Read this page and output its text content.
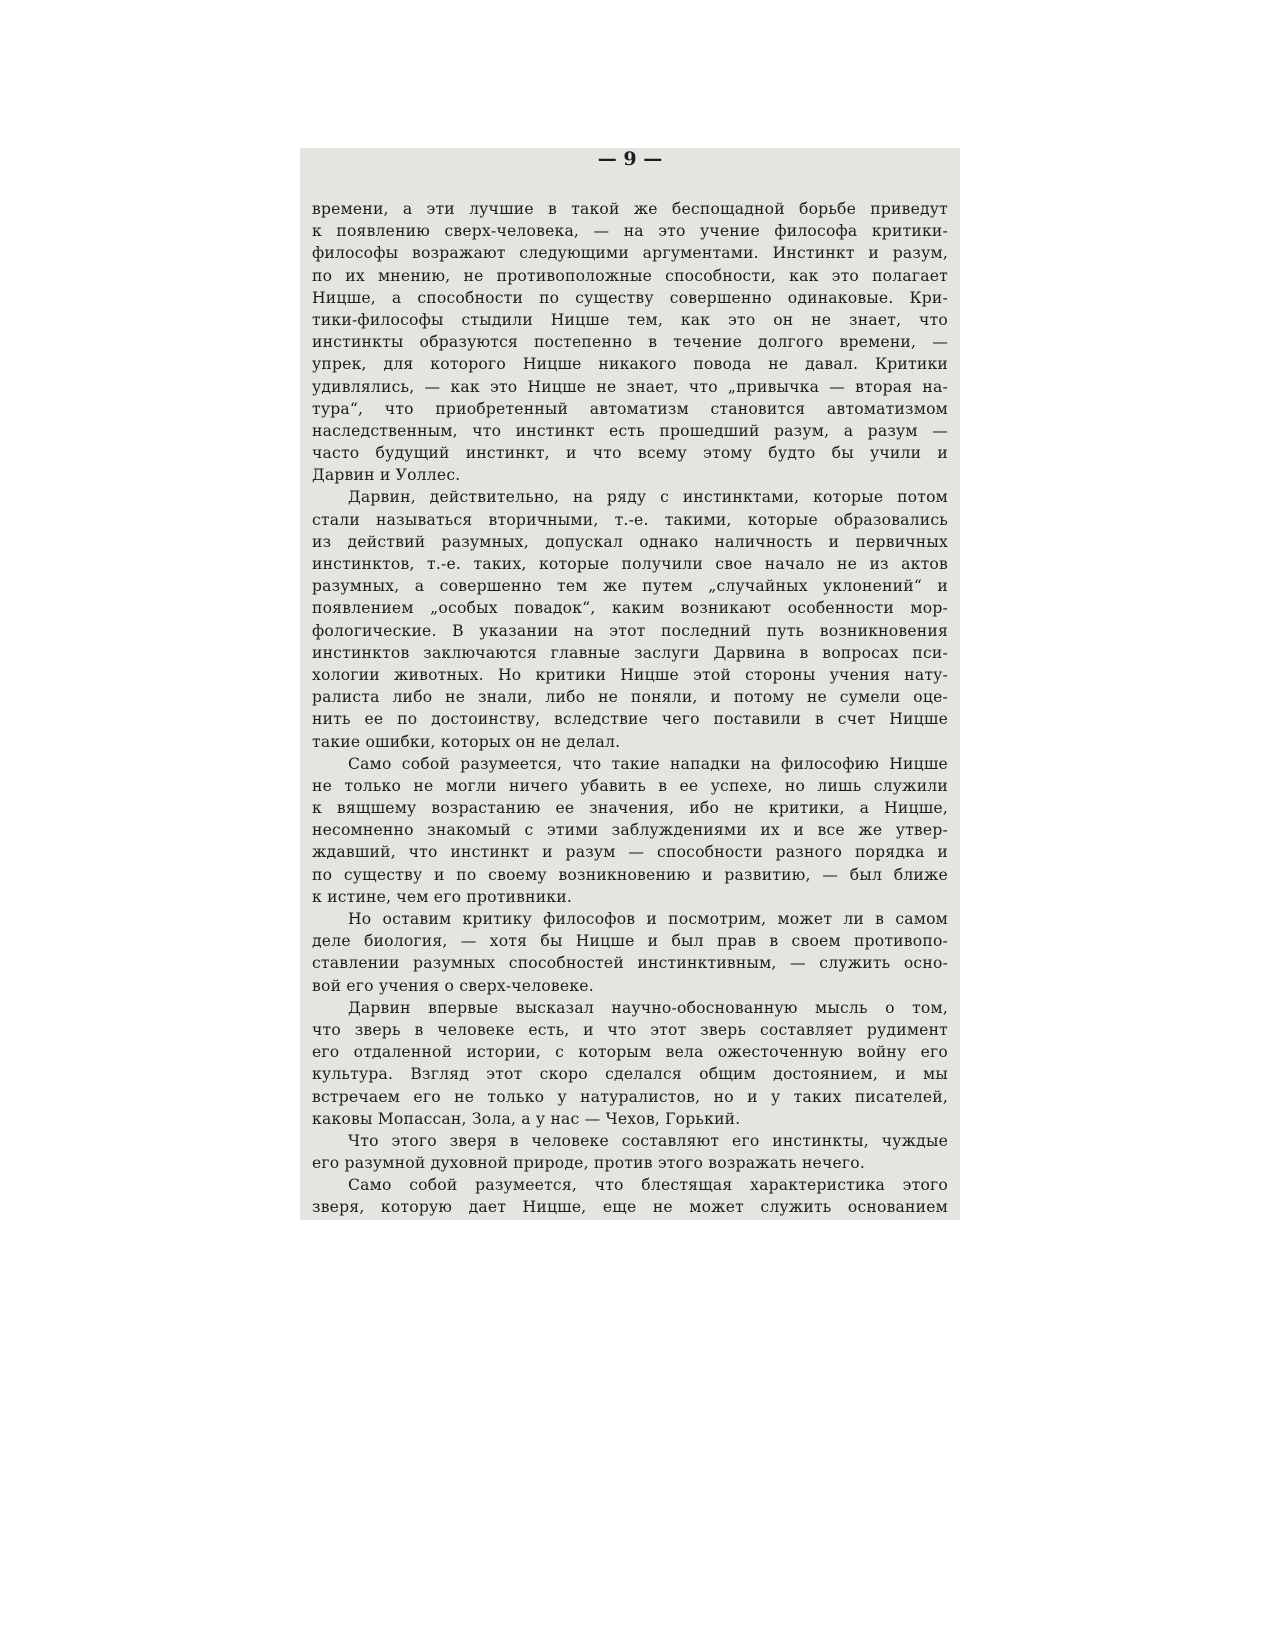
— 9 —
времени, а эти лучшие в такой же беспощадной борьбе приведут
к появлению сверх-человека, — на это учение философа критики-
философы возражают следующими аргументами. Инстинкт и разум,
по их мнению, не противоположные способности, как это полагает
Ницше, а способности по существу совершенно одинаковые. Кри-
тики-философы стыдили Ницше тем, как это он не знает, что
инстинкты образуются постепенно в течение долгого времени, —
упрек, для которого Ницше никакого повода не давал. Критики
удивлялись, — как это Ницше не знает, что „привычка — вторая на-
тура“, что приобретенный автоматизм становится автоматизмом
наследственным, что инстинкт есть прошедший разум, а разум —
часто будущий инстинкт, и что всему этому будто бы учили и
Дарвин и Уоллес.
Дарвин, действительно, на ряду с инстинктами, которые потом
стали называться вторичными, т.-е. такими, которые образовались
из действий разумных, допускал однако наличность и первичных
инстинктов, т.-е. таких, которые получили свое начало не из актов
разумных, а совершенно тем же путем „случайных уклонений“ и
появлением „особых повадок“, каким возникают особенности мор-
фологические. В указании на этот последний путь возникновения
инстинктов заключаются главные заслуги Дарвина в вопросах пси-
хологии животных. Но критики Ницше этой стороны учения нату-
ралиста либо не знали, либо не поняли, и потому не сумели оце-
нить ее по достоинству, вследствие чего поставили в счет Ницше
такие ошибки, которых он не делал.
Само собой разумеется, что такие нападки на философию Ницше
не только не могли ничего убавить в ее успехе, но лишь служили
к вящшему возрастанию ее значения, ибо не критики, а Ницше,
несомненно знакомый с этими заблуждениями их и все же утвер-
ждавший, что инстинкт и разум — способности разного порядка и
по существу и по своему возникновению и развитию, — был ближе
к истине, чем его противники.
Но оставим критику философов и посмотрим, может ли в самом
деле биология, — хотя бы Ницше и был прав в своем противопо-
ставлении разумных способностей инстинктивным, — служить осно-
вой его учения о сверх-человеке.
Дарвин впервые высказал научно-обоснованную мысль о том,
что зверь в человеке есть, и что этот зверь составляет рудимент
его отдаленной истории, с которым вела ожесточенную войну его
культура. Взгляд этот скоро сделался общим достоянием, и мы
встречаем его не только у натуралистов, но и у таких писателей,
каковы Мопассан, Зола, а у нас — Чехов, Горький.
Что этого зверя в человеке составляют его инстинкты, чуждые
его разумной духовной природе, против этого возражать нечего.
Само собой разумеется, что блестящая характеристика этого
зверя, которую дает Ницше, еще не может служить основанием
